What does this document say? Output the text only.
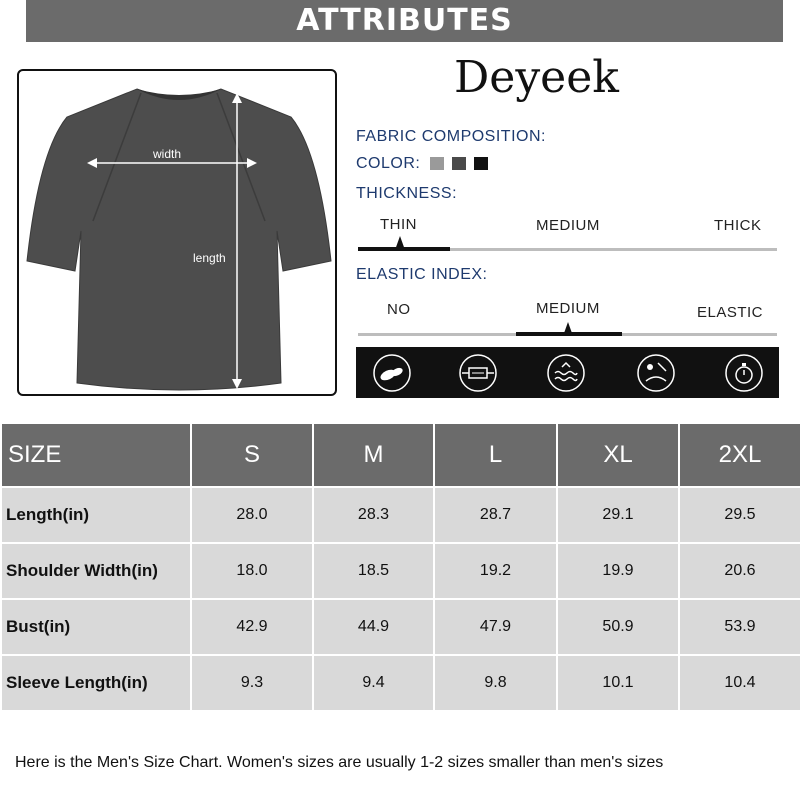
ATTRIBUTES
width
length
Deyeek
FABRIC COMPOSITION:
COLOR:
THICKNESS:
THIN	MEDIUM	THICK
ELASTIC INDEX:
NO	MEDIUM	ELASTIC
SIZE	S	M	L	XL	2XL
Length(in)	28.0	28.3	28.7	29.1	29.5
Shoulder Width(in)	18.0	18.5	19.2	19.9	20.6
Bust(in)	42.9	44.9	47.9	50.9	53.9
Sleeve Length(in)	9.3	9.4	9.8	10.1	10.4
Here is the Men's Size Chart. Women's sizes are usually 1-2 sizes smaller than men's sizes
